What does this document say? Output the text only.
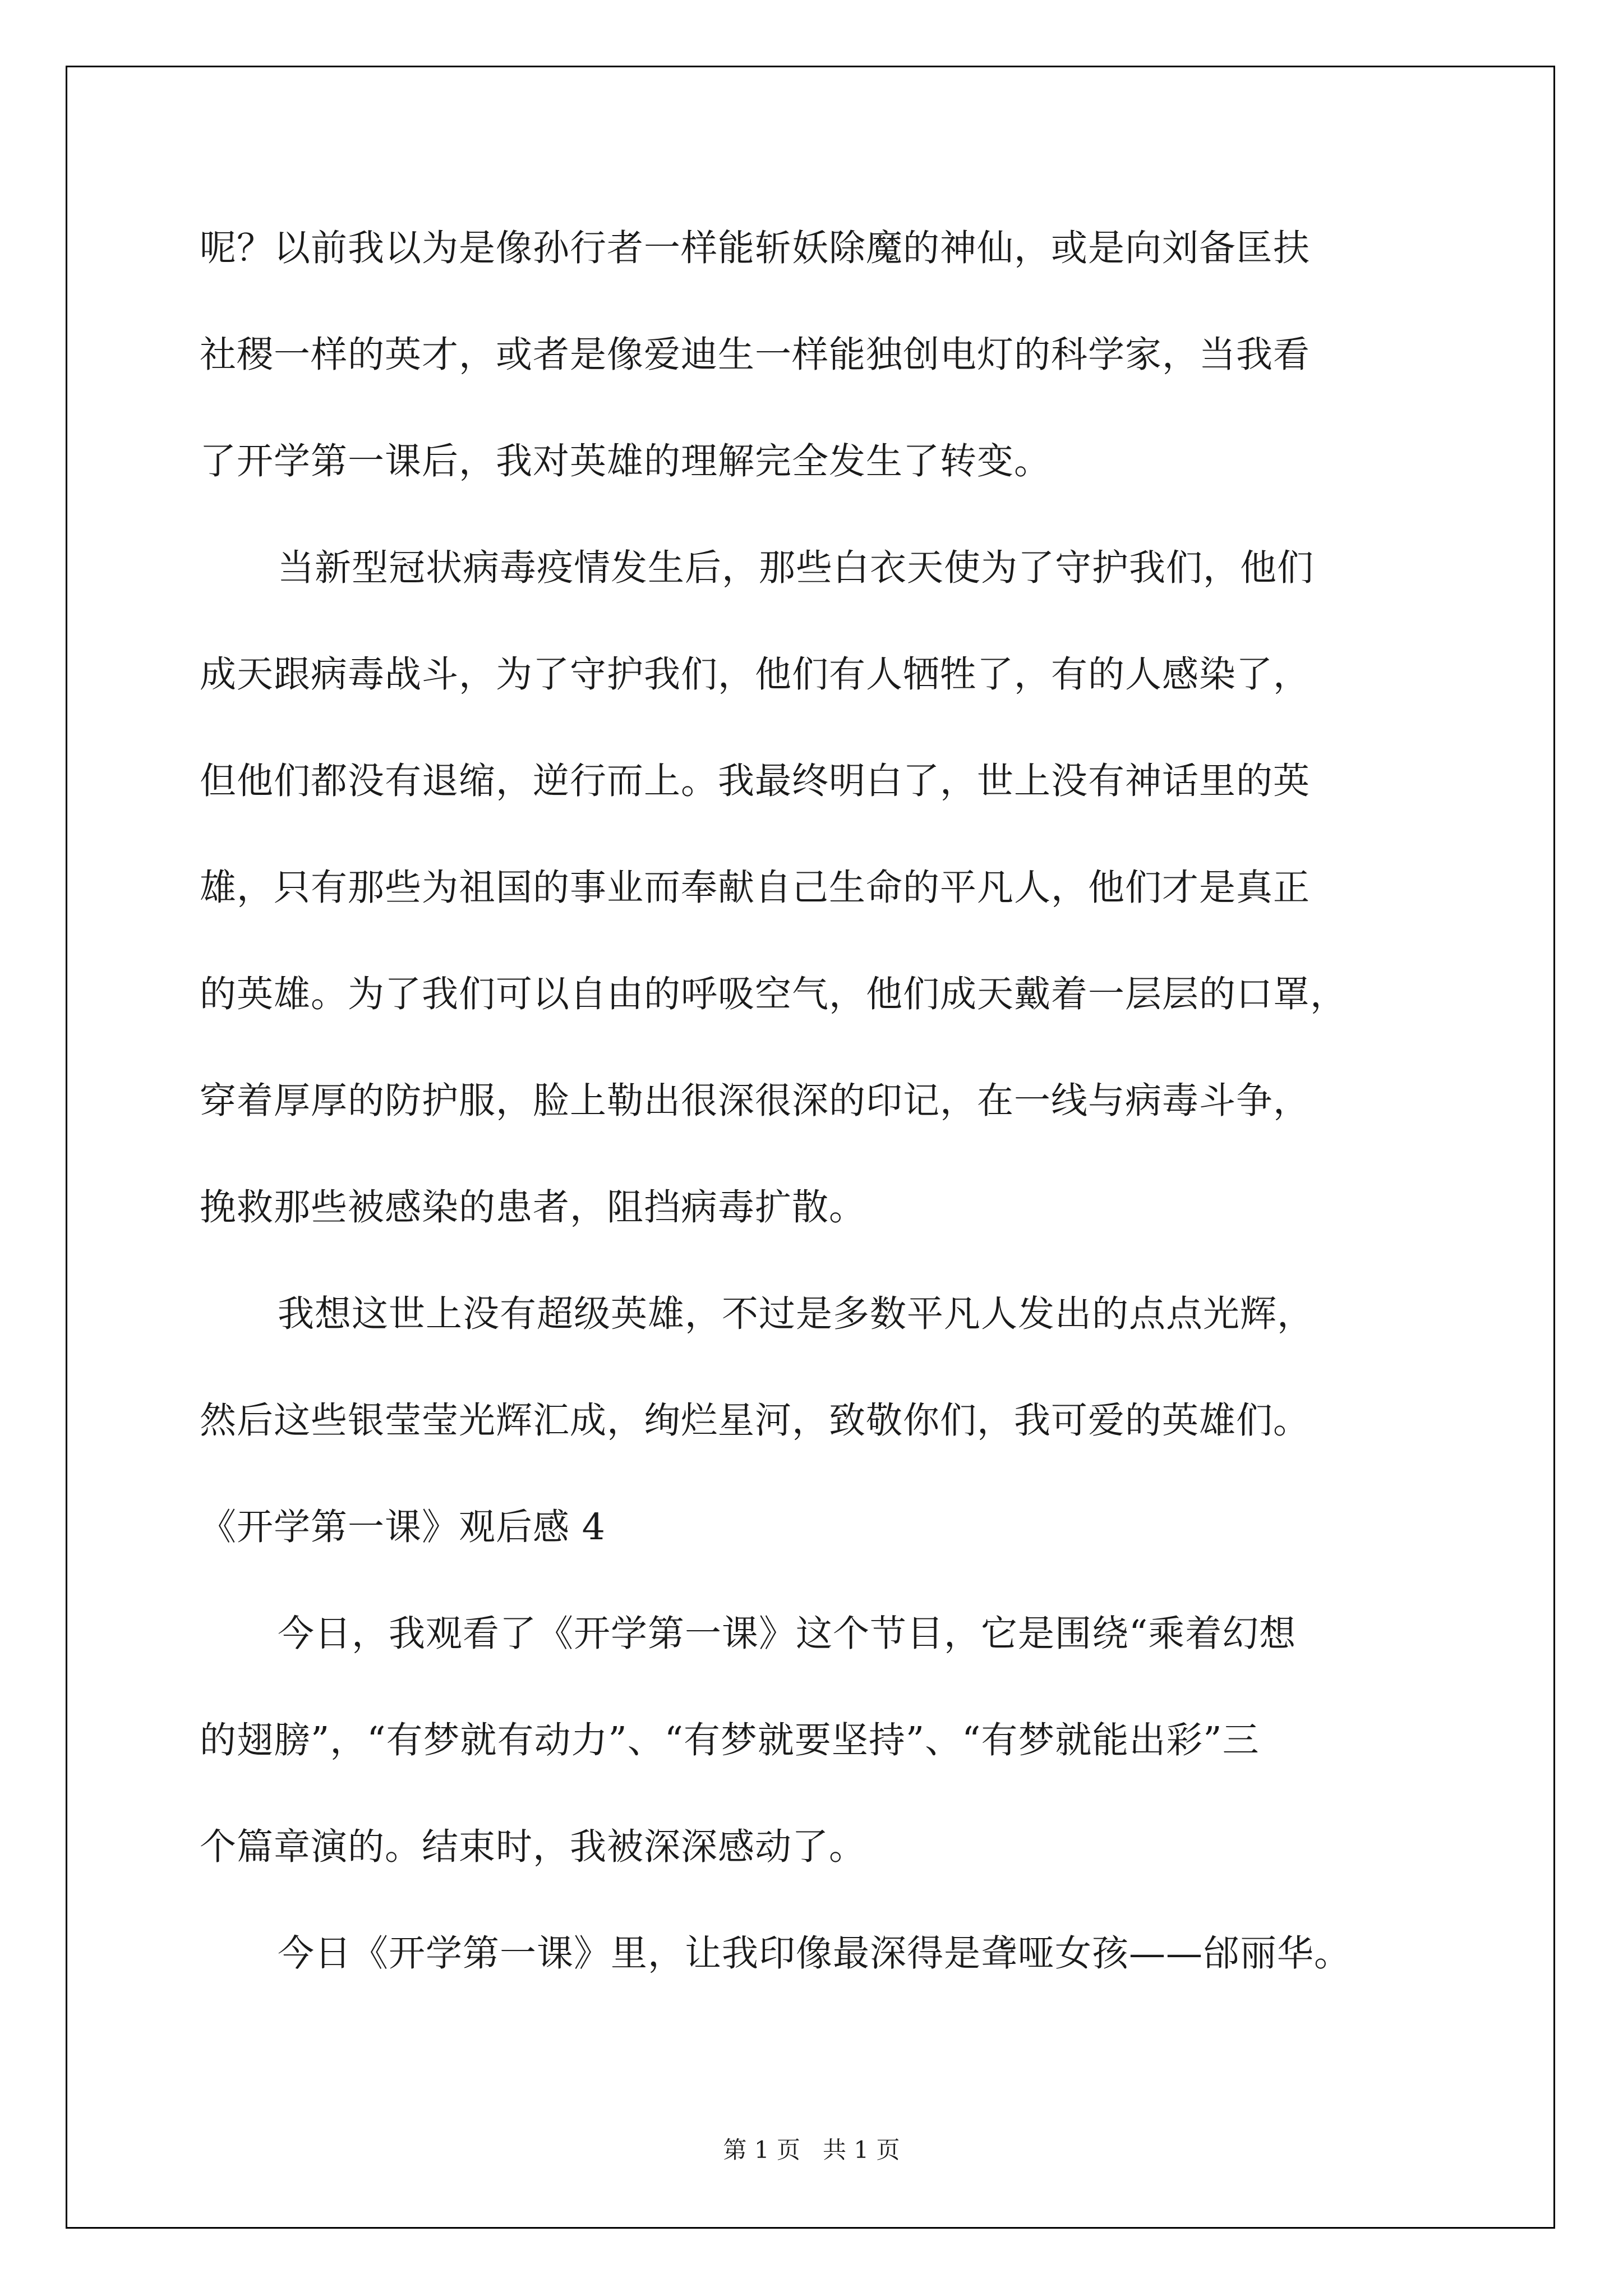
呢？以前我以为是像孙行者一样能斩妖除魔的神仙，或是向刘备匡扶

社稷一样的英才，或者是像爱迪生一样能独创电灯的科学家，当我看

了开学第一课后，我对英雄的理解完全发生了转变。

当新型冠状病毒疫情发生后，那些白衣天使为了守护我们，他们

成天跟病毒战斗，为了守护我们，他们有人牺牲了，有的人感染了，

但他们都没有退缩，逆行而上。我最终明白了，世上没有神话里的英

雄，只有那些为祖国的事业而奉献自己生命的平凡人，他们才是真正

的英雄。为了我们可以自由的呼吸空气，他们成天戴着一层层的口罩，

穿着厚厚的防护服，脸上勒出很深很深的印记，在一线与病毒斗争，

挽救那些被感染的患者，阻挡病毒扩散。

我想这世上没有超级英雄，不过是多数平凡人发出的点点光辉，

然后这些银莹莹光辉汇成，绚烂星河，致敬你们，我可爱的英雄们。

《开学第一课》观后感 4

今日，我观看了《开学第一课》这个节目，它是围绕“乘着幻想

的翅膀”，“有梦就有动力”、“有梦就要坚持”、“有梦就能出彩”三

个篇章演的。结束时，我被深深感动了。

今日《开学第一课》里，让我印像最深得是聋哑女孩——邰丽华。

第 1 页   共 1 页
